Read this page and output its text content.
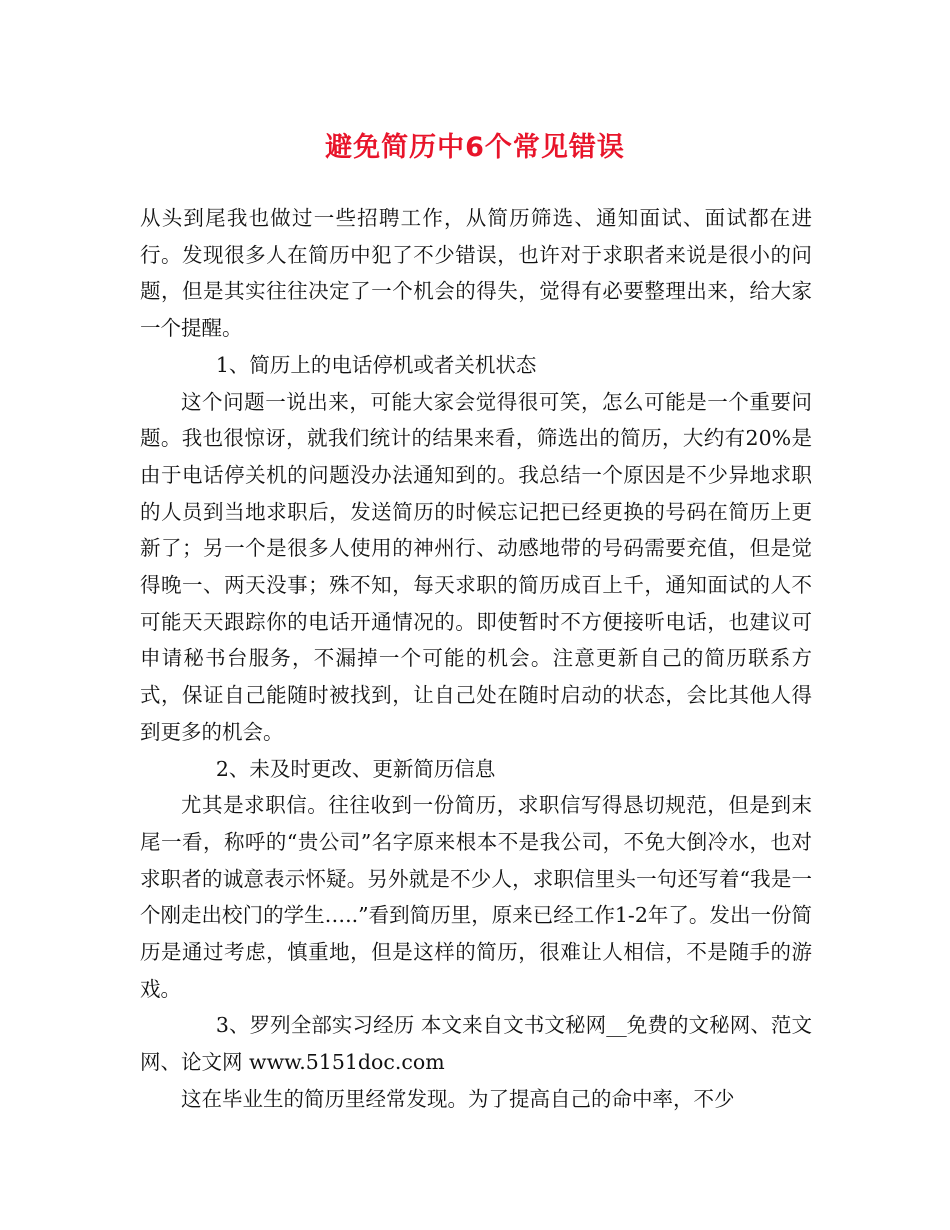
避免简历中6个常见错误

从头到尾我也做过一些招聘工作，从简历筛选、通知面试、面试都在进行。发现很多人在简历中犯了不少错误，也许对于求职者来说是很小的问题，但是其实往往决定了一个机会的得失，觉得有必要整理出来，给大家一个提醒。

1、简历上的电话停机或者关机状态

这个问题一说出来，可能大家会觉得很可笑，怎么可能是一个重要问题。我也很惊讶，就我们统计的结果来看，筛选出的简历，大约有20%是由于电话停关机的问题没办法通知到的。我总结一个原因是不少异地求职的人员到当地求职后，发送简历的时候忘记把已经更换的号码在简历上更新了；另一个是很多人使用的神州行、动感地带的号码需要充值，但是觉得晚一、两天没事；殊不知，每天求职的简历成百上千，通知面试的人不可能天天跟踪你的电话开通情况的。即使暂时不方便接听电话，也建议可申请秘书台服务，不漏掉一个可能的机会。注意更新自己的简历联系方式，保证自己能随时被找到，让自己处在随时启动的状态，会比其他人得到更多的机会。

2、未及时更改、更新简历信息

尤其是求职信。往往收到一份简历，求职信写得恳切规范，但是到末尾一看，称呼的“贵公司”名字原来根本不是我公司，不免大倒冷水，也对求职者的诚意表示怀疑。另外就是不少人，求职信里头一句还写着“我是一个刚走出校门的学生…..”看到简历里，原来已经工作1-2年了。发出一份简历是通过考虑，慎重地，但是这样的简历，很难让人相信，不是随手的游戏。

3、罗列全部实习经历 本文来自文书文秘网__免费的文秘网、范文网、论文网 www.5151doc.com

这在毕业生的简历里经常发现。为了提高自己的命中率，不少
